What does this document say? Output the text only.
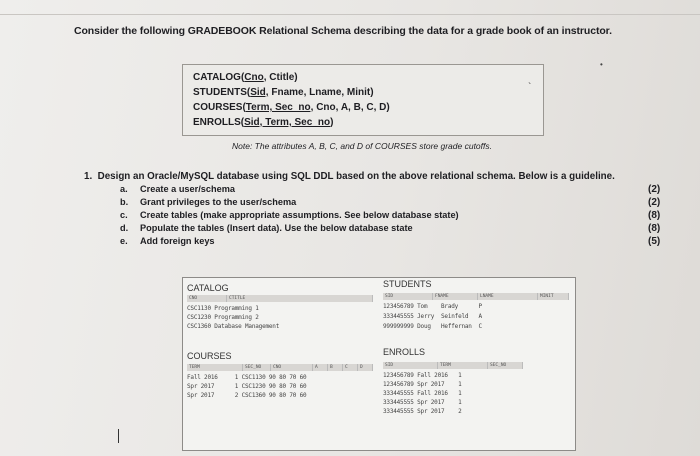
Consider the following GRADEBOOK Relational Schema describing the data for a grade book of an instructor.
CATALOG(Cno, Ctitle)
STUDENTS(Sid, Fname, Lname, Minit)
COURSES(Term, Sec_no, Cno, A, B, C, D)
ENROLLS(Sid, Term, Sec_no)
Note: The attributes A, B, C, and D of COURSES store grade cutoffs.
1. Design an Oracle/MySQL database using SQL DDL based on the above relational schema. Below is a guideline.
a. Create a user/schema
b. Grant privileges to the user/schema
c. Create tables (make appropriate assumptions. See below database state)
d. Populate the tables (Insert data). Use the below database state
e. Add foreign keys
(2)
(2)
(8)
(8)
(5)
`
•
CATALOG
CNO	CTITLE
CSC1130 Programming 1
CSC1230 Programming 2
CSC1360 Database Management
STUDENTS
SID	FNAME	LNAME	MINIT
123456789 Tom    Brady      P
333445555 Jerry  Seinfeld   A
999999999 Doug   Heffernan  C
COURSES
TERM	SEC_NO	CNO	A	B	C	D
Fall 2016     1 CSC1130 90 80 70 60
Spr 2017      1 CSC1230 90 80 70 60
Spr 2017      2 CSC1360 90 80 70 60
ENROLLS
SID	TERM	SEC_NO
123456789 Fall 2016   1
123456789 Spr 2017    1
333445555 Fall 2016   1
333445555 Spr 2017    1
333445555 Spr 2017    2
